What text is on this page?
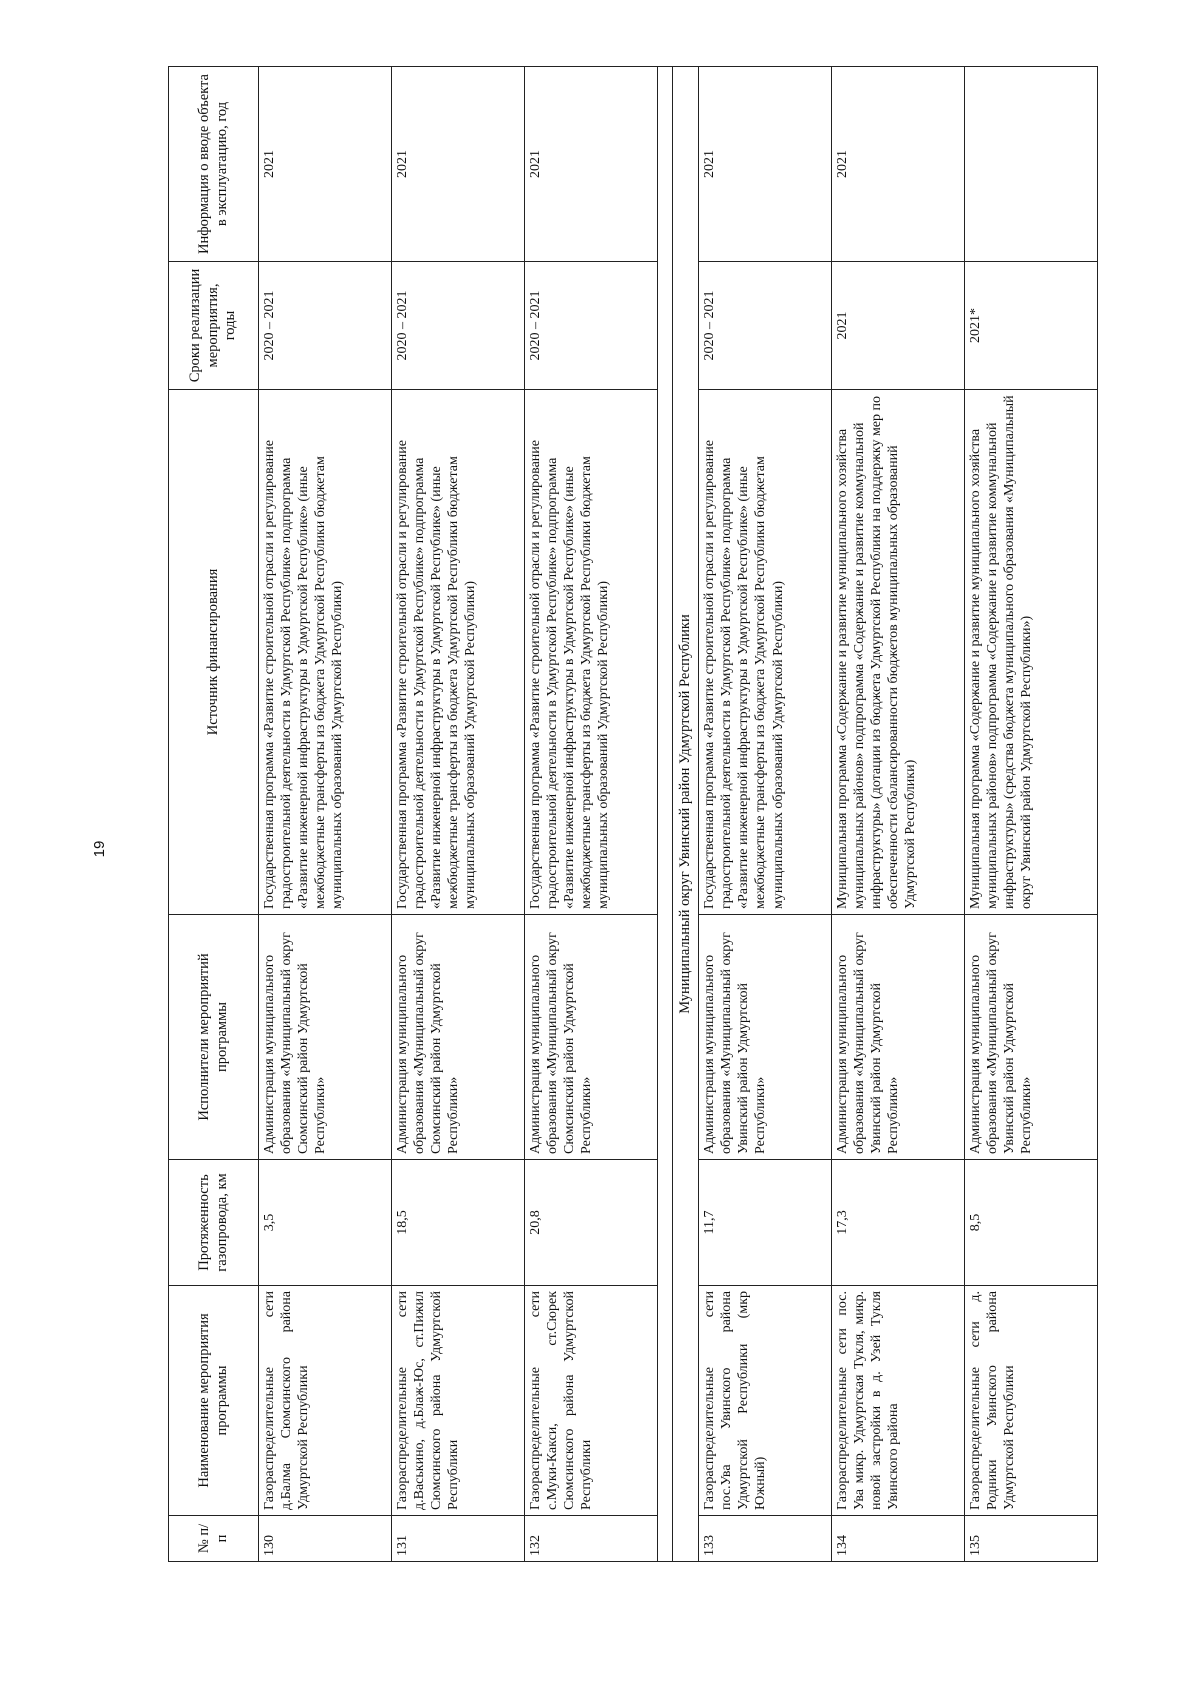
19
№ п/п	Наименование мероприятия программы	Протяженность газопровода, км	Исполнители мероприятий программы	Источник финансирования	Сроки реализации мероприятия, годы	Информация о вводе объекта в эксплуатацию, год
130	Газораспределительные сети д.Балма Сюмсинского района Удмуртской Республики	3,5	Администрация муниципального образования «Муниципальный округ Сюмсинский район Удмуртской Республики»	Государственная программа «Развитие строительной отрасли и регулирование градостроительной деятельности в Удмуртской Республике» подпрограмма «Развитие инженерной инфраструктуры в Удмуртской Республике» (иные межбюджетные трансферты из бюджета Удмуртской Республики бюджетам муниципальных образований Удмуртской Республики)	2020 – 2021	2021
131	Газораспределительные сети д.Васькино, д.Блаж-Юс, ст.Пижил Сюмсинского района Удмуртской Республики	18,5	Администрация муниципального образования «Муниципальный округ Сюмсинский район Удмуртской Республики»	Государственная программа «Развитие строительной отрасли и регулирование градостроительной деятельности в Удмуртской Республике» подпрограмма «Развитие инженерной инфраструктуры в Удмуртской Республике» (иные межбюджетные трансферты из бюджета Удмуртской Республики бюджетам муниципальных образований Удмуртской Республики)	2020 – 2021	2021
132	Газораспределительные сети с.Муки-Какси, ст.Сюрек Сюмсинского района Удмуртской Республики	20,8	Администрация муниципального образования «Муниципальный округ Сюмсинский район Удмуртской Республики»	Государственная программа «Развитие строительной отрасли и регулирование градостроительной деятельности в Удмуртской Республике» подпрограмма «Развитие инженерной инфраструктуры в Удмуртской Республике» (иные межбюджетные трансферты из бюджета Удмуртской Республики бюджетам муниципальных образований Удмуртской Республики)	2020 – 2021	2021

Муниципальный округ Увинский район Удмуртской Республики						
133	Газораспределительные сети пос.Ува Увинского района Удмуртской Республики (мкр Южный)	11,7	Администрация муниципального образования «Муниципальный округ Увинский район Удмуртской Республики»	Государственная программа «Развитие строительной отрасли и регулирование градостроительной деятельности в Удмуртской Республике» подпрограмма «Развитие инженерной инфраструктуры в Удмуртской Республике» (иные межбюджетные трансферты из бюджета Удмуртской Республики бюджетам муниципальных образований Удмуртской Республики)	2020 – 2021	2021
134	Газораспределительные сети пос. Ува микр. Удмуртская Тукля, микр. новой застройки в д. Узей Тукля Увинского района	17,3	Администрация муниципального образования «Муниципальный округ Увинский район Удмуртской Республики»	Муниципальная программа «Содержание и развитие муниципального хозяйства муниципальных районов» подпрограмма «Содержание и развитие коммунальной инфраструктуры» (дотации из бюджета Удмуртской Республики на поддержку мер по обеспеченности сбалансированности бюджетов муниципальных образований Удмуртской Республики)	2021	2021
135	Газораспределительные сети д. Родники Увинского района Удмуртской Республики	8,5	Администрация муниципального образования «Муниципальный округ Увинский район Удмуртской Республики»	Муниципальная программа «Содержание и развитие муниципального хозяйства муниципальных районов» подпрограмма «Содержание и развитие коммунальной инфраструктуры» (средства бюджета муниципального образования «Муниципальный округ Увинский район Удмуртской Республики»)	2021*	
